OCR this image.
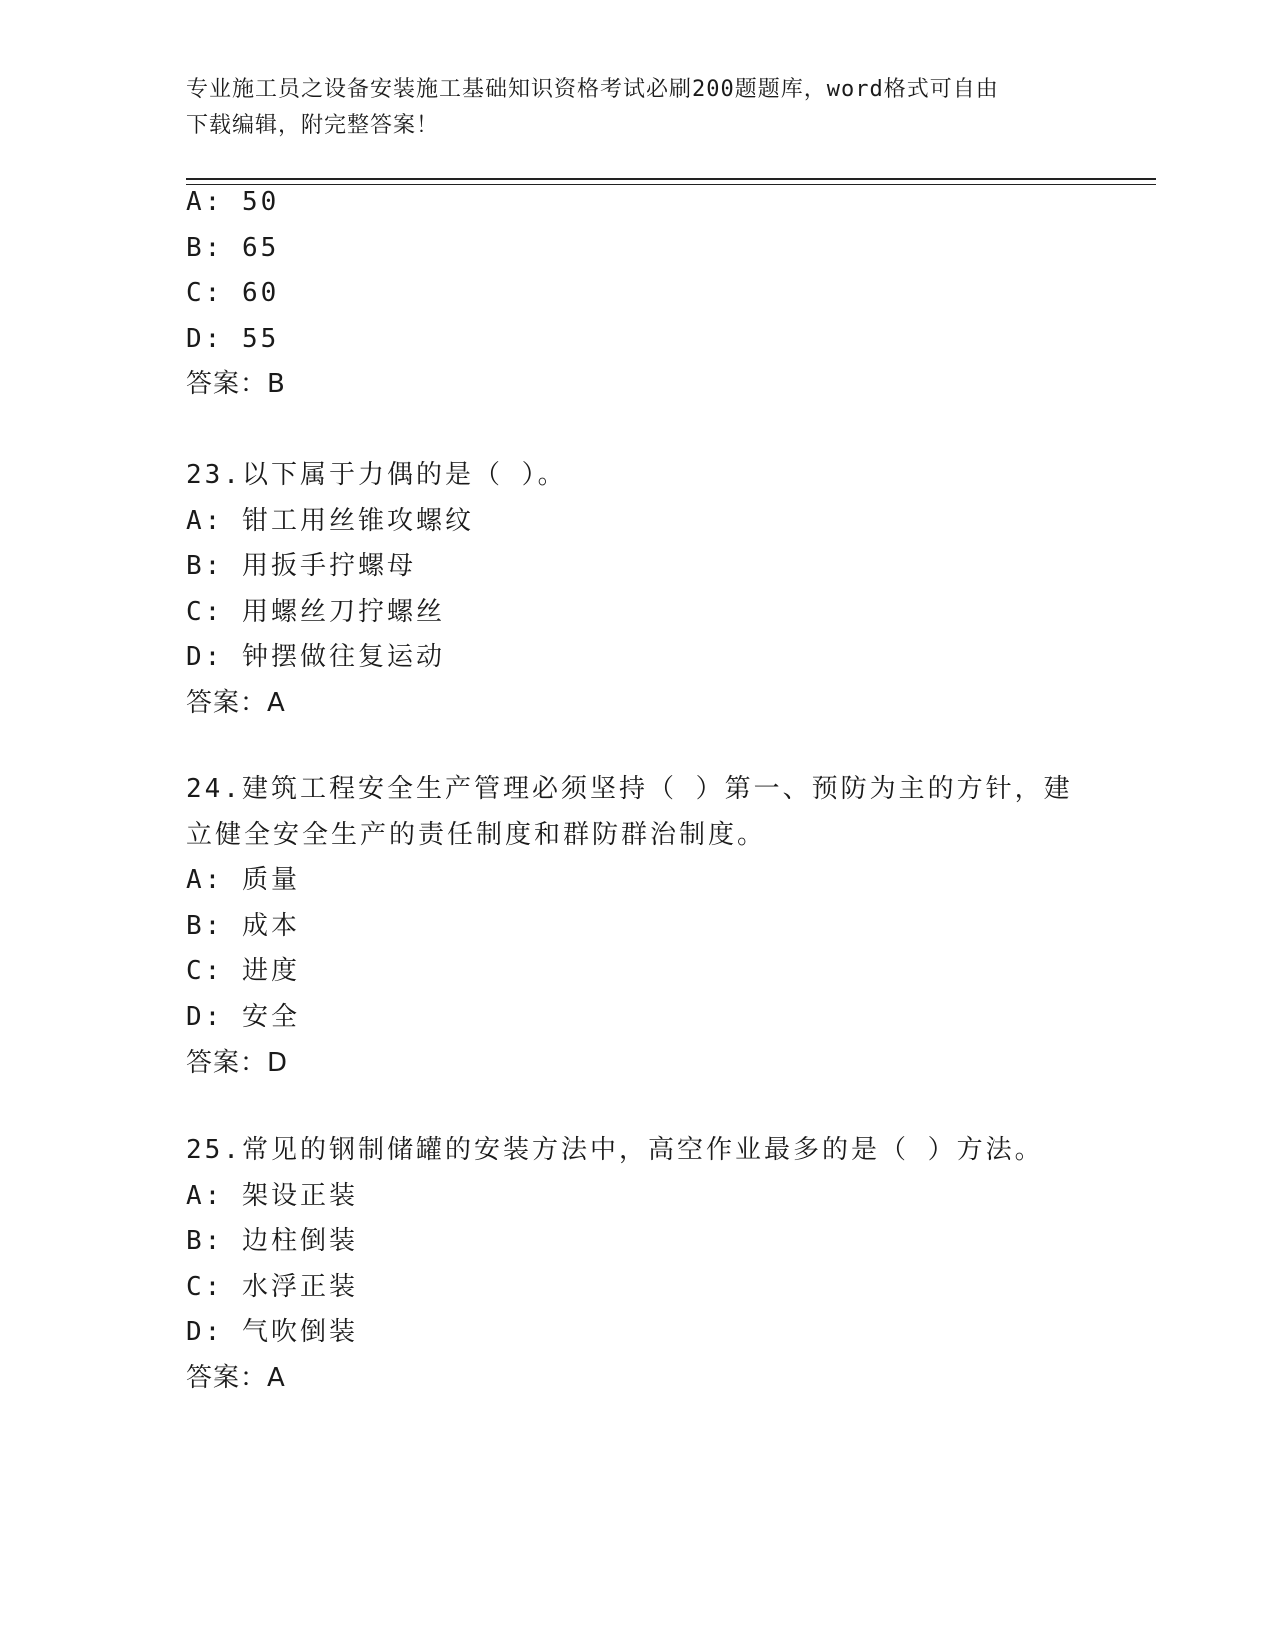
专业施工员之设备安装施工基础知识资格考试必刷200题题库，word格式可自由
下载编辑，附完整答案！
A: 50
B: 65
C: 60
D: 55
答案：B
23.以下属于力偶的是（ ）。
A: 钳工用丝锥攻螺纹
B: 用扳手拧螺母
C: 用螺丝刀拧螺丝
D: 钟摆做往复运动
答案：A
24.建筑工程安全生产管理必须坚持（ ）第一、预防为主的方针，建
立健全安全生产的责任制度和群防群治制度。
A: 质量
B: 成本
C: 进度
D: 安全
答案：D
25.常见的钢制储罐的安装方法中，高空作业最多的是（ ）方法。
A: 架设正装
B: 边柱倒装
C: 水浮正装
D: 气吹倒装
答案：A
